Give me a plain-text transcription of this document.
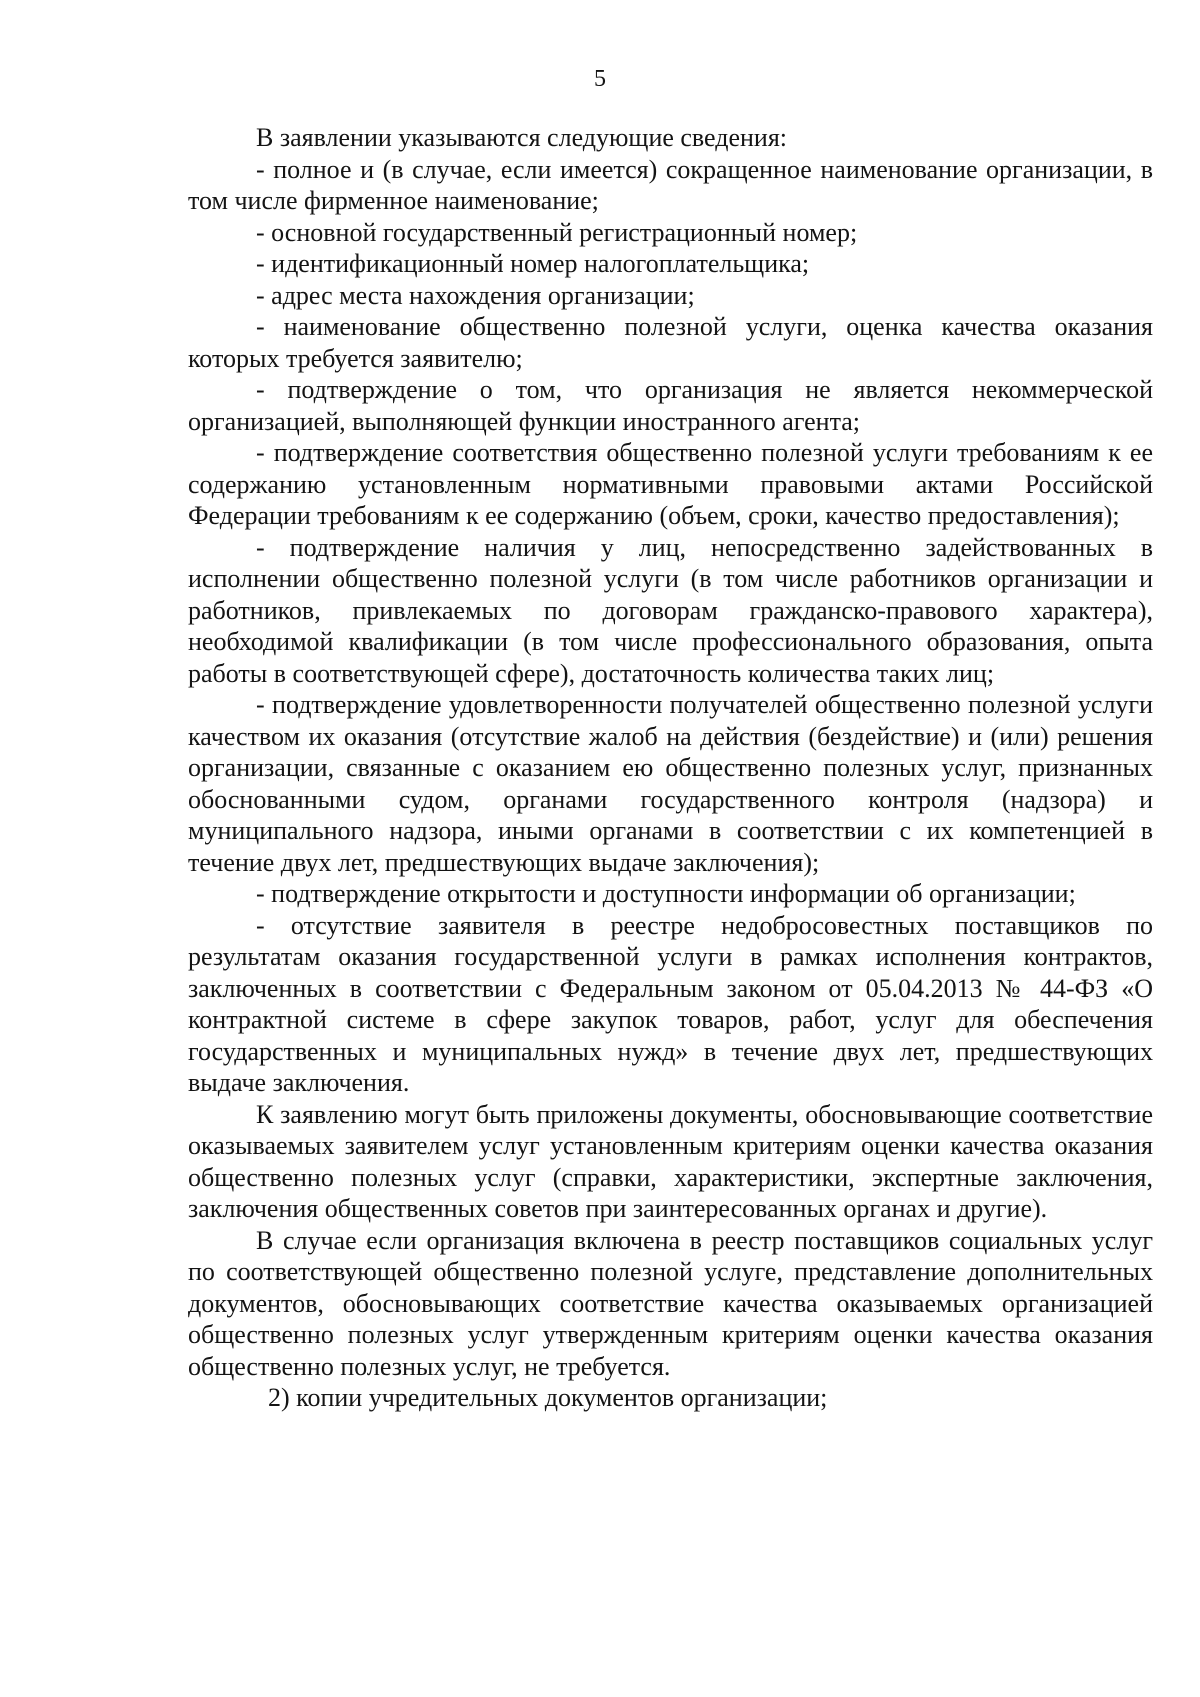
5

В заявлении указываются следующие сведения:

- полное и (в случае, если имеется) сокращенное наименование организации, в том числе фирменное наименование;

- основной государственный регистрационный номер;

- идентификационный номер налогоплательщика;

- адрес места нахождения организации;

- наименование общественно полезной услуги, оценка качества оказания которых требуется заявителю;

- подтверждение о том, что организация не является некоммерческой организацией, выполняющей функции иностранного агента;

- подтверждение соответствия общественно полезной услуги требованиям к ее содержанию установленным нормативными правовыми актами Российской Федерации требованиям к ее содержанию (объем, сроки, качество предоставления);

- подтверждение наличия у лиц, непосредственно задействованных в исполнении общественно полезной услуги (в том числе работников организации и работников, привлекаемых по договорам гражданско-правового характера), необходимой квалификации (в том числе профессионального образования, опыта работы в соответствующей сфере), достаточность количества таких лиц;

- подтверждение удовлетворенности получателей общественно полезной услуги качеством их оказания (отсутствие жалоб на действия (бездействие) и (или) решения организации, связанные с оказанием ею общественно полезных услуг, признанных обоснованными судом, органами государственного контроля (надзора) и муниципального надзора, иными органами в соответствии с их компетенцией в течение двух лет, предшествующих выдаче заключения);

- подтверждение открытости и доступности информации об организации;

- отсутствие заявителя в реестре недобросовестных поставщиков по результатам оказания государственной услуги в рамках исполнения контрактов, заключенных в соответствии с Федеральным законом от 05.04.2013 № 44-ФЗ «О контрактной системе в сфере закупок товаров, работ, услуг для обеспечения государственных и муниципальных нужд» в течение двух лет, предшествующих выдаче заключения.

К заявлению могут быть приложены документы, обосновывающие соответствие оказываемых заявителем услуг установленным критериям оценки качества оказания общественно полезных услуг (справки, характеристики, экспертные заключения, заключения общественных советов при заинтересованных органах и другие).

В случае если организация включена в реестр поставщиков социальных услуг по соответствующей общественно полезной услуге, представление дополнительных документов, обосновывающих соответствие качества оказываемых организацией общественно полезных услуг утвержденным критериям оценки качества оказания общественно полезных услуг, не требуется.

2) копии учредительных документов организации;
